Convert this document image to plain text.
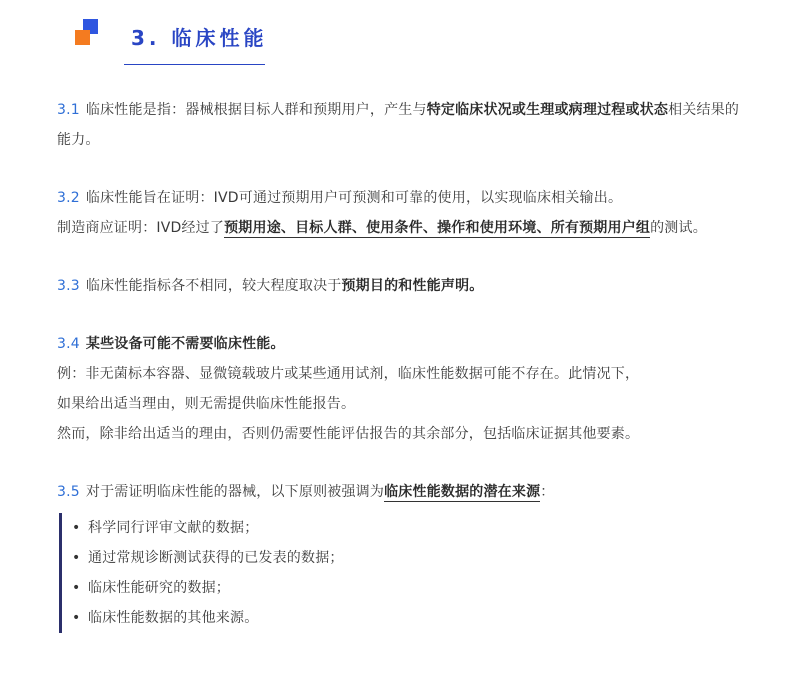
3. 临床性能
3.1 临床性能是指：器械根据目标人群和预期用户，产生与特定临床状况或生理或病理过程或状态相关结果的能力。
3.2 临床性能旨在证明：IVD可通过预期用户可预测和可靠的使用，以实现临床相关输出。
制造商应证明：IVD经过了预期用途、目标人群、使用条件、操作和使用环境、所有预期用户组的测试。
3.3 临床性能指标各不相同，较大程度取决于预期目的和性能声明。
3.4 某些设备可能不需要临床性能。
例：非无菌标本容器、显微镜载玻片或某些通用试剂，临床性能数据可能不存在。此情况下，
如果给出适当理由，则无需提供临床性能报告。
然而，除非给出适当的理由，否则仍需要性能评估报告的其余部分，包括临床证据其他要素。
3.5 对于需证明临床性能的器械，以下原则被强调为临床性能数据的潜在来源：
• 科学同行评审文献的数据；
• 通过常规诊断测试获得的已发表的数据；
• 临床性能研究的数据；
• 临床性能数据的其他来源。
